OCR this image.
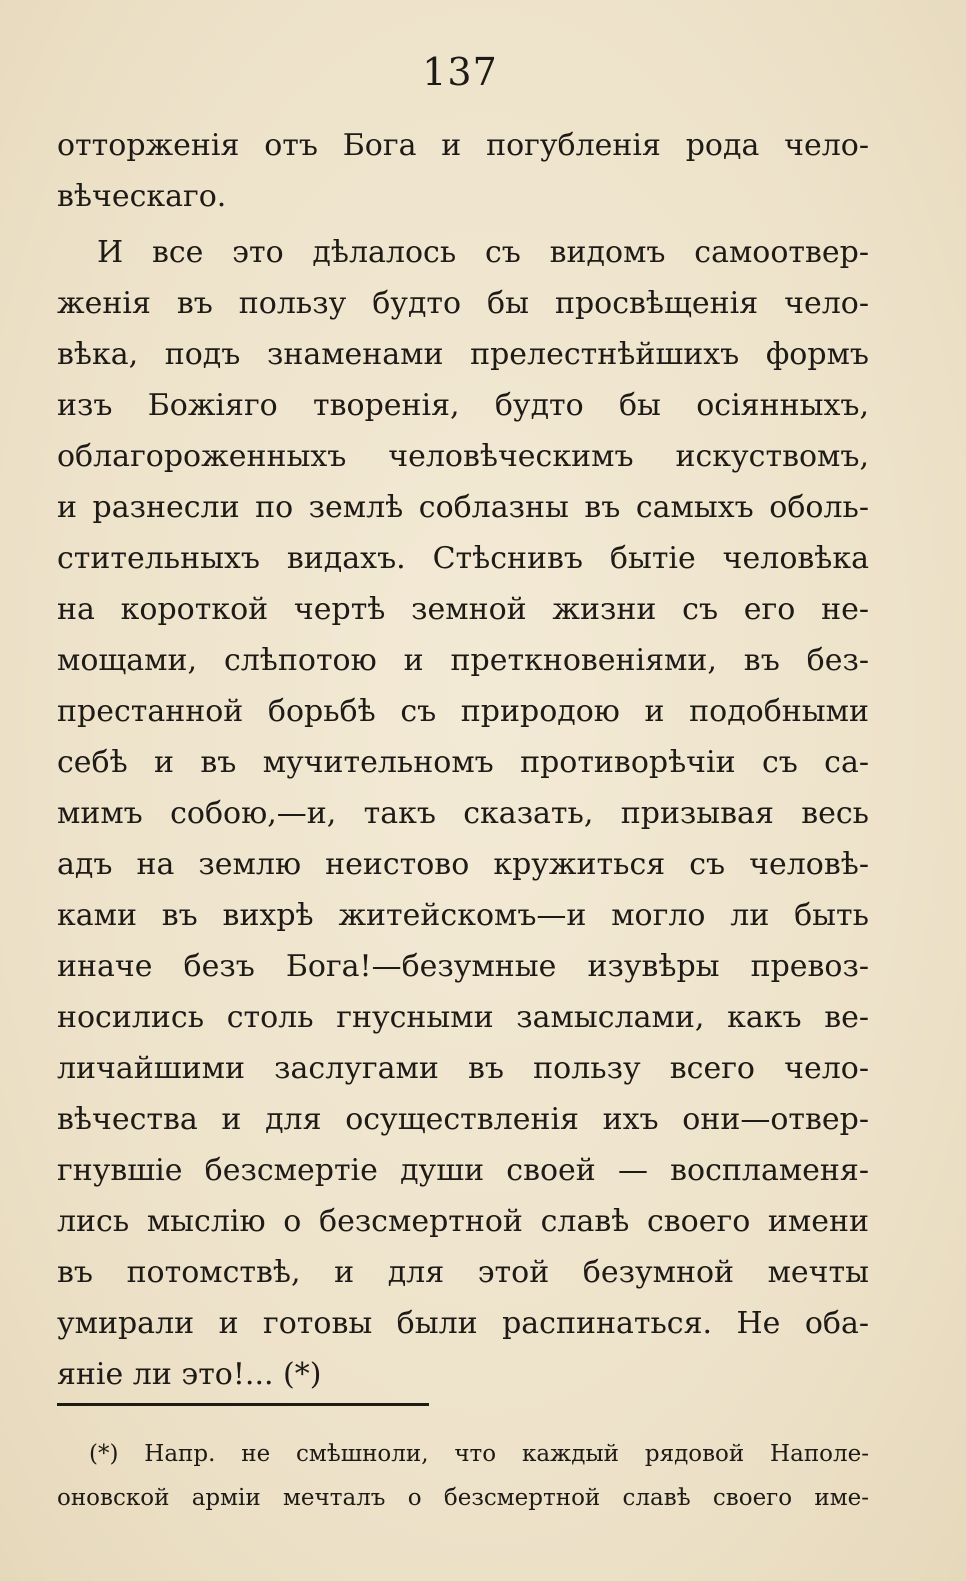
137
отторженія отъ Бога и погубленія рода чело-
вѣческаго.
И все это дѣлалось съ видомъ самоотвер-
женія въ пользу будто бы просвѣщенія чело-
вѣка, подъ знаменами прелестнѣйшихъ формъ
изъ Божіяго творенія, будто бы осіянныхъ,
облагороженныхъ человѣческимъ искуствомъ,
и разнесли по землѣ соблазны въ самыхъ оболь-
стительныхъ видахъ. Стѣснивъ бытіе человѣка
на короткой чертѣ земной жизни съ его не-
мощами, слѣпотою и преткновеніями, въ без-
престанной борьбѣ съ природою и подобными
себѣ и въ мучительномъ противорѣчіи съ са-
мимъ собою,—и, такъ сказать, призывая весь
адъ на землю неистово кружиться съ человѣ-
ками въ вихрѣ житейскомъ—и могло ли быть
иначе безъ Бога!—безумные изувѣры превоз-
носились столь гнусными замыслами, какъ ве-
личайшими заслугами въ пользу всего чело-
вѣчества и для осуществленія ихъ они—отвер-
гнувшіе безсмертіе души своей — воспламеня-
лись мыслію о безсмертной славѣ своего имени
въ потомствѣ, и для этой безумной мечты
умирали и готовы были распинаться. Не оба-
яніе ли это!... (*)
(*) Напр. не смѣшноли, что каждый рядовой Наполе-
оновской арміи мечталъ о безсмертной славѣ своего име-
